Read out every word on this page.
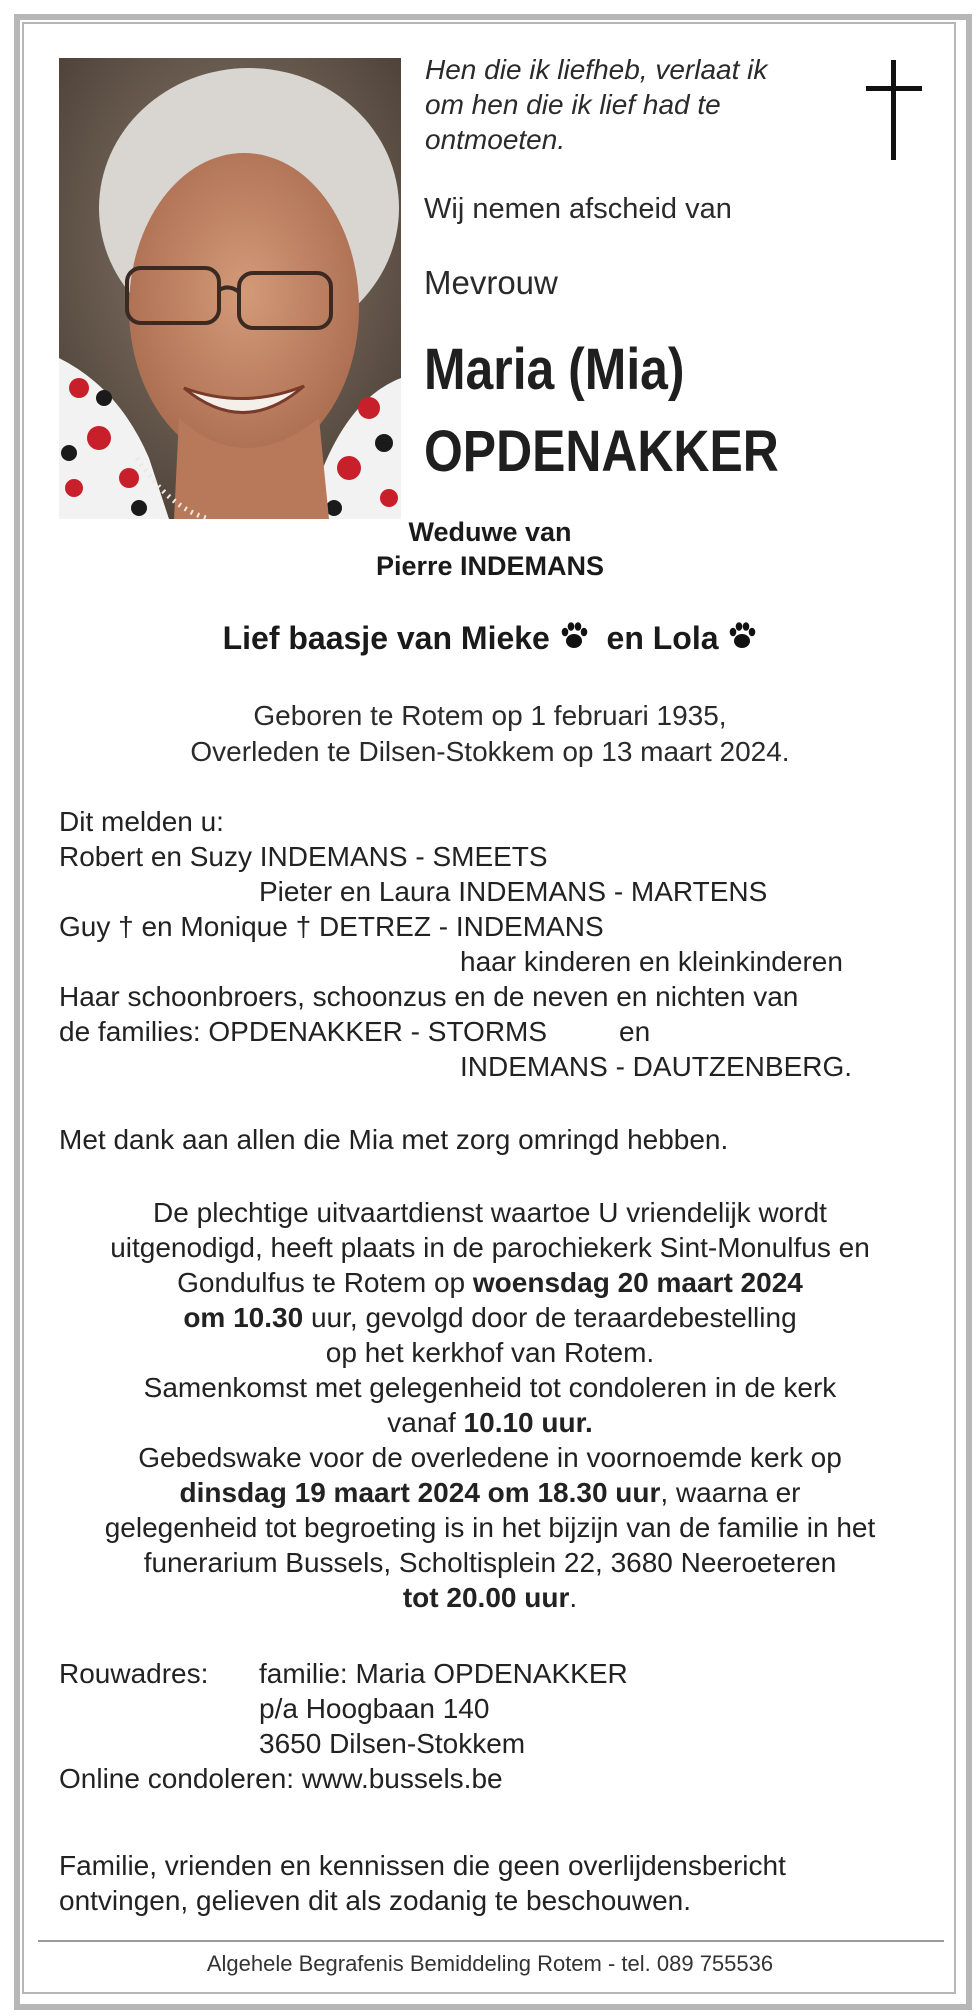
Hen die ik liefheb, verlaat ik
om hen die ik lief had te
ontmoeten.
Wij nemen afscheid van
Mevrouw
Maria (Mia)
OPDENAKKER
Weduwe van
Pierre INDEMANS
Lief baasje van Mieke en Lola
Geboren te Rotem op 1 februari 1935,
Overleden te Dilsen-Stokkem op 13 maart 2024.
Dit melden u:
Robert en Suzy INDEMANS - SMEETS
Pieter en Laura INDEMANS - MARTENS
Guy † en Monique † DETREZ - INDEMANS
haar kinderen en kleinkinderen
Haar schoonbroers, schoonzus en de neven en nichten van
de families: OPDENAKKER - STORMS	en
INDEMANS - DAUTZENBERG.
Met dank aan allen die Mia met zorg omringd hebben.
De plechtige uitvaartdienst waartoe U vriendelijk wordt
uitgenodigd, heeft plaats in de parochiekerk Sint-Monulfus en
Gondulfus te Rotem op woensdag 20 maart 2024
om 10.30 uur, gevolgd door de teraardebestelling
op het kerkhof van Rotem.
Samenkomst met gelegenheid tot condoleren in de kerk
vanaf 10.10 uur.
Gebedswake voor de overledene in voornoemde kerk op
dinsdag 19 maart 2024 om 18.30 uur, waarna er
gelegenheid tot begroeting is in het bijzijn van de familie in het
funerarium Bussels, Scholtisplein 22, 3680 Neeroeteren
tot 20.00 uur.
Rouwadres: familie: Maria OPDENAKKER
p/a Hoogbaan 140
3650 Dilsen-Stokkem
Online condoleren: www.bussels.be
Familie, vrienden en kennissen die geen overlijdensbericht
ontvingen, gelieven dit als zodanig te beschouwen.
Algehele Begrafenis Bemiddeling Rotem - tel. 089 755536
